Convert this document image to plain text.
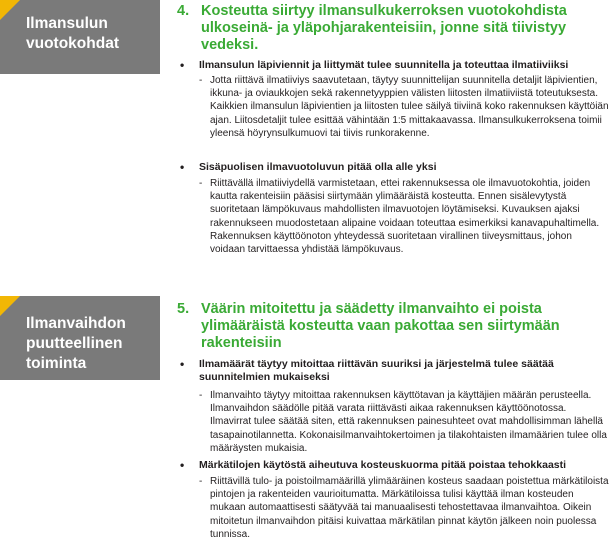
Ilmansulun
vuotokohdat
4. Kosteutta siirtyy ilmansulkukerroksen vuotokohdista ulkoseinä- ja yläpohjarakenteisiin, jonne sitä tiivistyy vedeksi.
•	Ilmansulun läpiviennit ja liittymät tulee suunnitella ja toteuttaa ilmatiiviiksi
- Jotta riittävä ilmatiiviys saavutetaan, täytyy suunnittelijan suunnitella detaljit läpivientien, ikkuna- ja oviaukkojen sekä rakennetyyppien välisten liitosten ilmatiiviistä toteutuksesta. Kaikkien ilmansulun läpivientien ja liitosten tulee säilyä tiiviinä koko rakennuksen käyttöiän ajan. Liitosdetaljit tulee esittää vähintään 1:5 mittakaavassa. Ilmansulkukerroksena toimii yleensä höyrynsulkumuovi tai tiivis runkorakenne.
•	Sisäpuolisen ilmavuotoluvun pitää olla alle yksi
- Riittävällä ilmatiiviydellä varmistetaan, ettei rakennuksessa ole ilmavuotokohtia, joiden kautta rakenteisiin pääsisi siirtymään ylimääräistä kosteutta. Ennen sisälevytystä suoritetaan lämpökuvaus mahdollisten ilmavuotojen löytämiseksi. Kuvauksen ajaksi rakennukseen muodostetaan alipaine voidaan toteuttaa esimerkiksi kanavapuhaltimella. Rakennuksen käyttöönoton yhteydessä suoritetaan virallinen tiiveysmittaus, johon voidaan tarvittaessa yhdistää lämpökuvaus.
Ilmanvaihdon
puutteellinen
toiminta
5. Väärin mitoitettu ja säädetty ilmanvaihto ei poista ylimääräistä kosteutta vaan pakottaa sen siirtymään rakenteisiin
•	Ilmamäärät täytyy mitoittaa riittävän suuriksi ja järjestelmä tulee säätää suunnitelmien mukaiseksi
- Ilmanvaihto täytyy mitoittaa rakennuksen käyttötavan ja käyttäjien määrän perusteella. Ilmanvaihdon säädölle pitää varata riittävästi aikaa rakennuksen käyttöönotossa. Ilmavirrat tulee säätää siten, että rakennuksen painesuhteet ovat mahdollisimman lähellä tasapainotilannetta. Kokonaisilmanvaihtokertoimen ja tilakohtaisten ilmamäärien tulee olla määräysten mukaisia.
•	Märkätilojen käytöstä aiheutuva kosteuskuorma pitää poistaa tehokkaasti
- Riittävillä tulo- ja poistoilmamäärillä ylimääräinen kosteus saadaan poistettua märkätiloista pintojen ja rakenteiden vaurioitumatta. Märkätiloissa tulisi käyttää ilman kosteuden mukaan automaattisesti säätyvää tai manuaalisesti tehostettavaa ilmanvaihtoa. Oikein mitoitetun ilmanvaihdon pitäisi kuivattaa märkätilan pinnat käytön jälkeen noin puolessa tunnissa.
